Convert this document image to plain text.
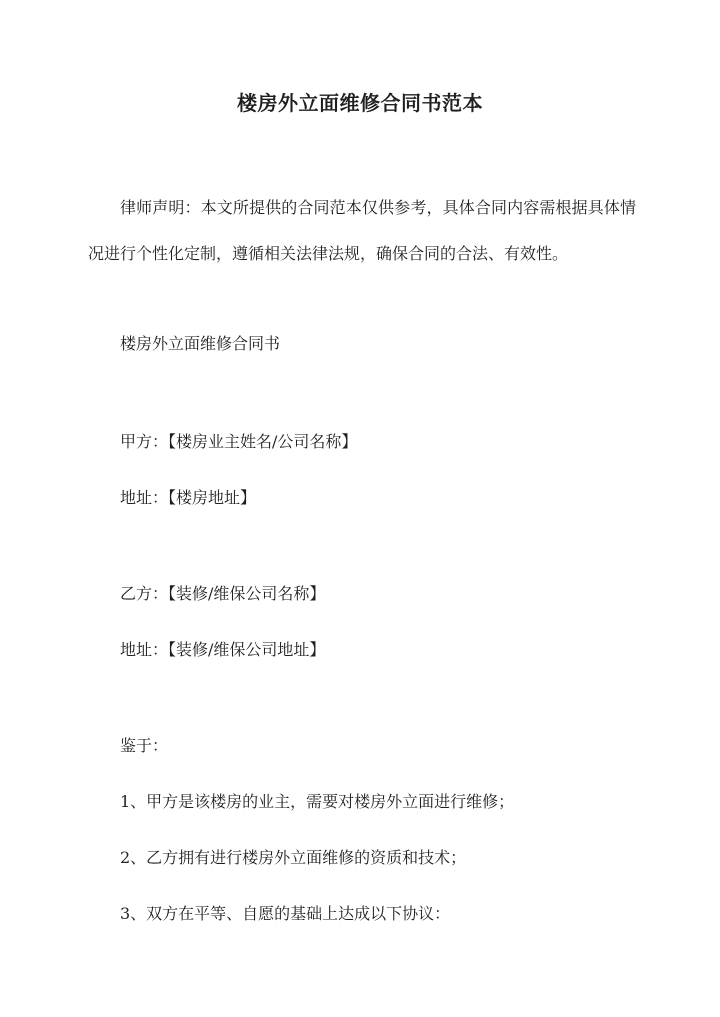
楼房外立面维修合同书范本

律师声明：本文所提供的合同范本仅供参考，具体合同内容需根据具体情况进行个性化定制，遵循相关法律法规，确保合同的合法、有效性。

楼房外立面维修合同书

甲方：【楼房业主姓名/公司名称】

地址：【楼房地址】

乙方：【装修/维保公司名称】

地址：【装修/维保公司地址】

鉴于：

1、甲方是该楼房的业主，需要对楼房外立面进行维修；

2、乙方拥有进行楼房外立面维修的资质和技术；

3、双方在平等、自愿的基础上达成以下协议：
